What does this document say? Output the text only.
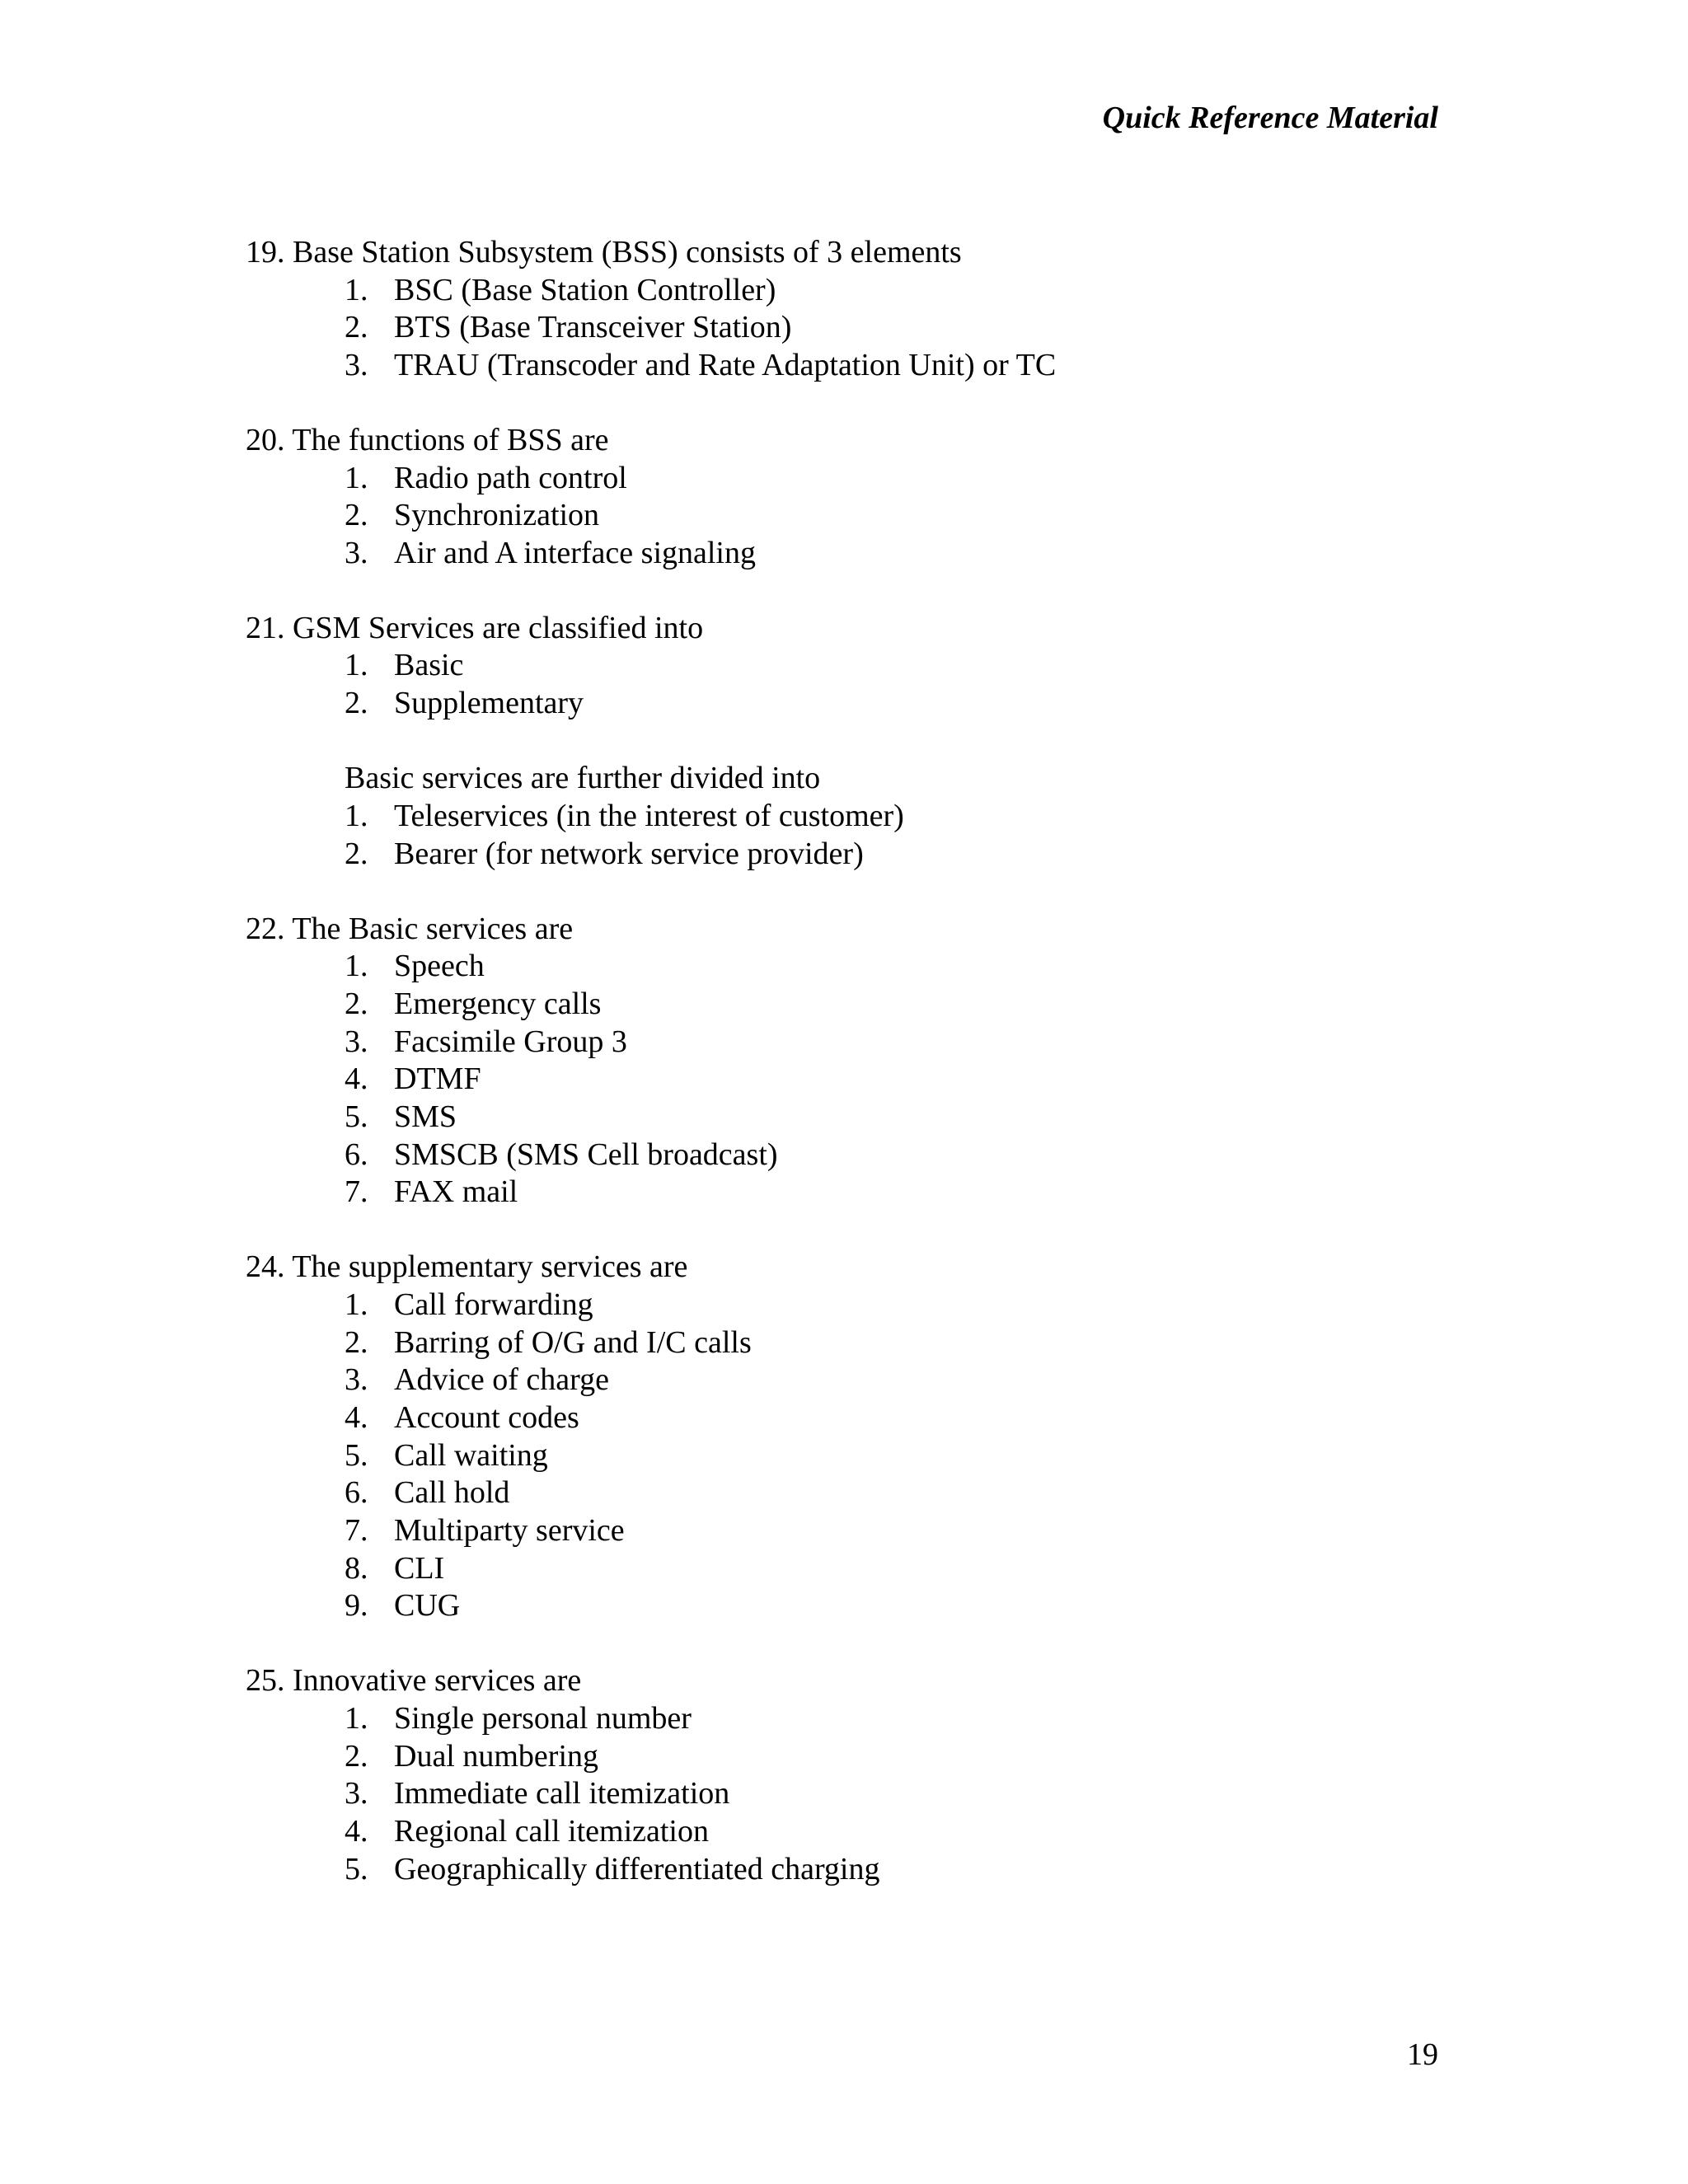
Quick Reference Material
19. Base Station Subsystem (BSS) consists of 3 elements
1. BSC (Base Station Controller)
2. BTS (Base Transceiver Station)
3. TRAU (Transcoder and Rate Adaptation Unit) or TC
20. The functions of BSS are
1. Radio path control
2. Synchronization
3. Air and A interface signaling
21. GSM Services are classified into
1. Basic
2. Supplementary
Basic services are further divided into
1. Teleservices (in the interest of customer)
2. Bearer (for network service provider)
22. The Basic services are
1. Speech
2. Emergency calls
3. Facsimile Group 3
4. DTMF
5. SMS
6. SMSCB (SMS Cell broadcast)
7. FAX mail
24. The supplementary services are
1. Call forwarding
2. Barring of O/G and I/C calls
3. Advice of charge
4. Account codes
5. Call waiting
6. Call hold
7. Multiparty service
8. CLI
9. CUG
25. Innovative services are
1. Single personal number
2. Dual numbering
3. Immediate call itemization
4. Regional call itemization
5. Geographically differentiated charging
19
